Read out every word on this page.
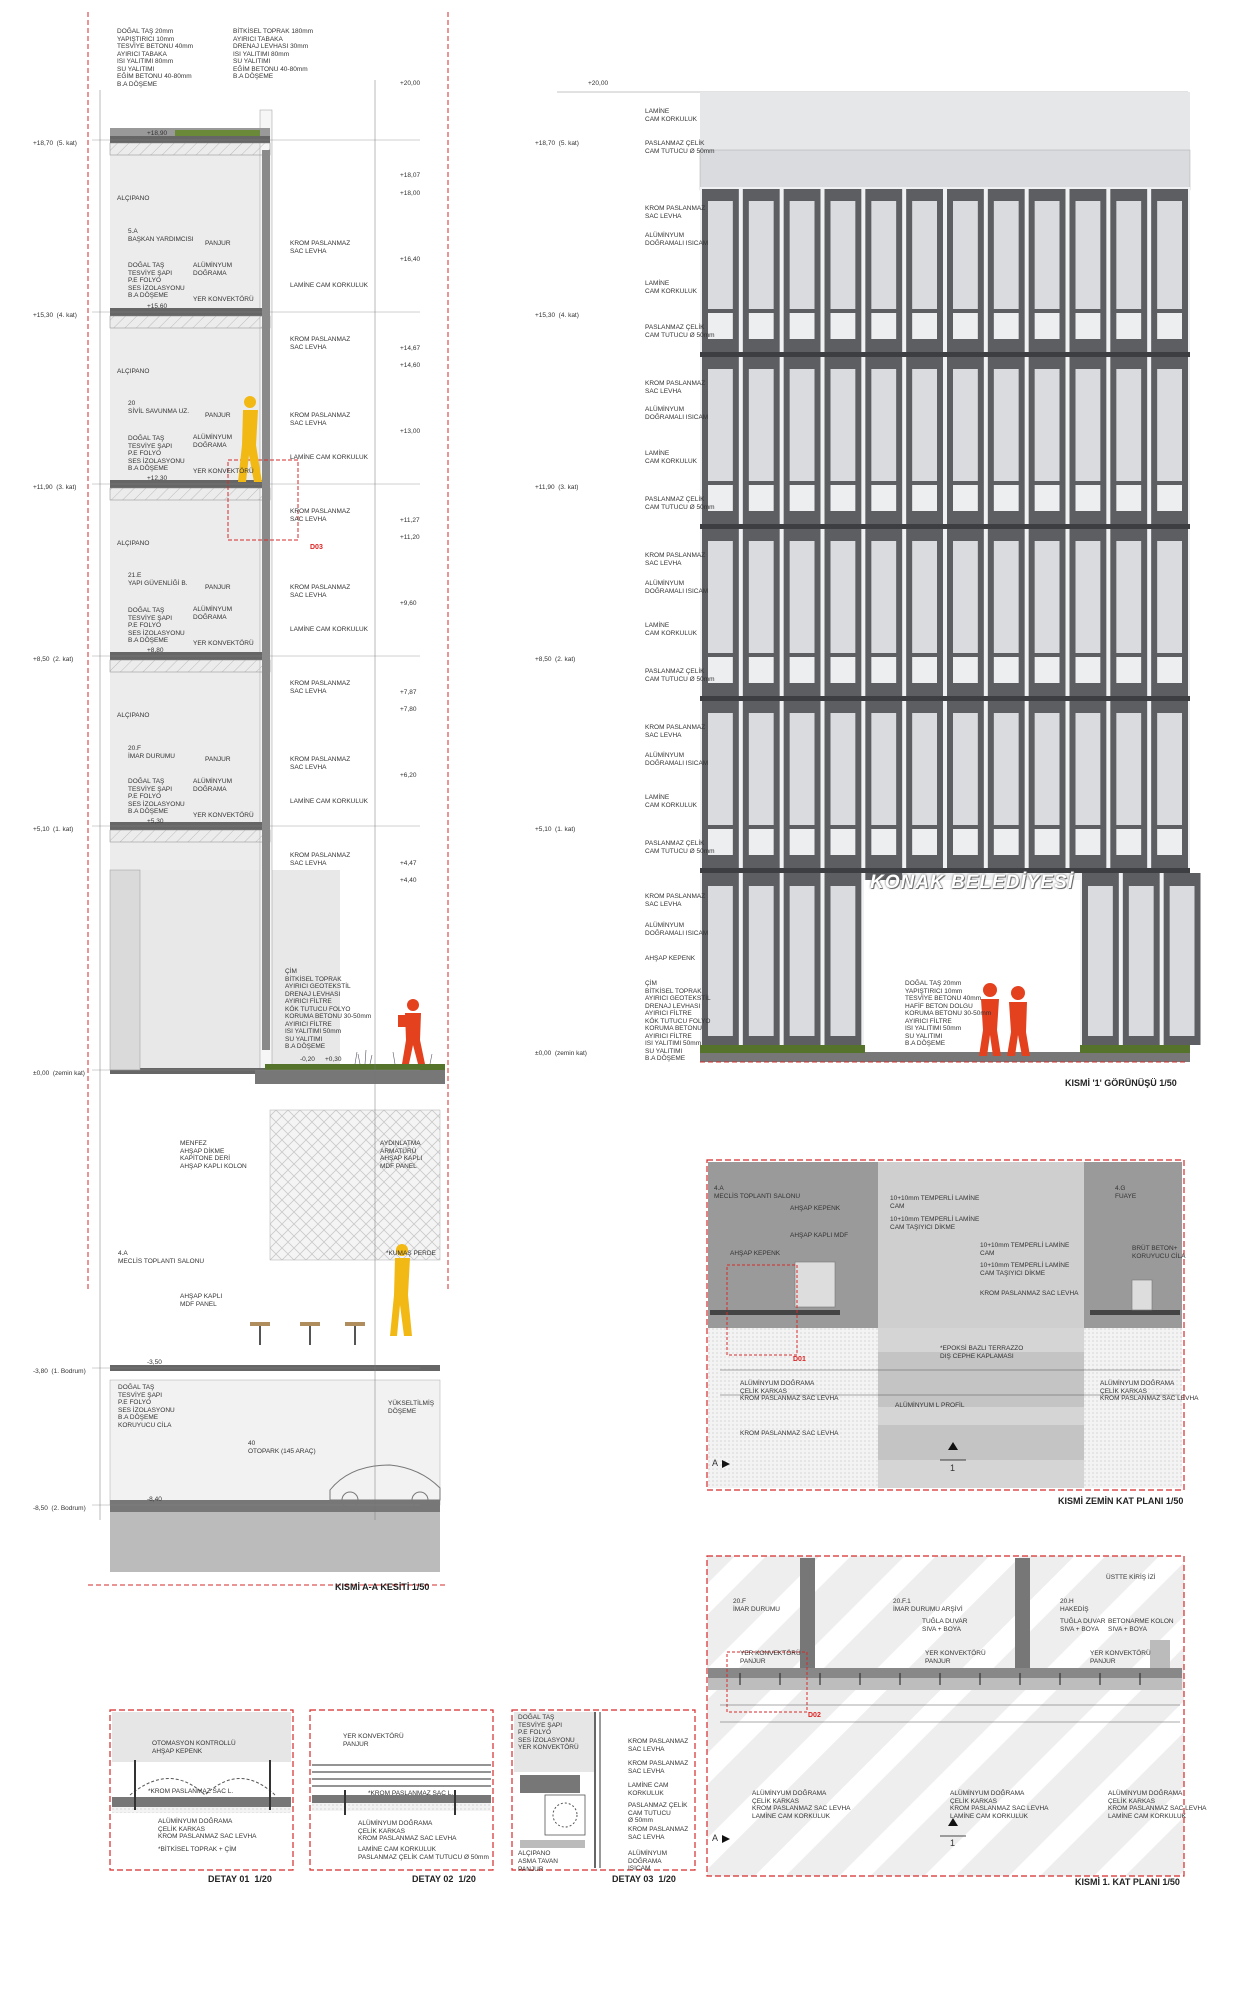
DOĞAL TAŞ 20mm
YAPIŞTIRICI 10mm
TESVİYE BETONU 40mm
AYIRICI TABAKA
ISI YALITIMI 80mm
SU YALITIMI
EĞİM BETONU 40-80mm
B.A DÖŞEME
BİTKİSEL TOPRAK 180mm
AYIRICI TABAKA
DRENAJ LEVHASI 30mm
ISI YALITIMI 80mm
SU YALITIMI
EĞİM BETONU 40-80mm
B.A DÖŞEME
+18,70  (5. kat)
+15,30  (4. kat)
+11,90  (3. kat)
+8,50  (2. kat)
+5,10  (1. kat)
±0,00  (zemin kat)
-3,80  (1. Bodrum)
-8,50  (2. Bodrum)
+20,00
+18,07
+18,00
+16,40
+14,67
+14,60
+13,00
+11,27
+11,20
+9,60
+7,87
+7,80
+6,20
+4,47
+4,40
-0,20 +0,30
+18,90
+15,60
+12,30
+8,80
+5,30
-3,50
-8,40
ALÇIPANO
5.A
BAŞKAN YARDIMCISI
ALÇIPANO
20
SİVİL SAVUNMA UZ.
ALÇIPANO
21.E
YAPI GÜVENLİĞİ B.
ALÇIPANO
20.F
İMAR DURUMU
4.A
MECLİS TOPLANTI SALONU
40
OTOPARK (145 ARAÇ)
DOĞAL TAŞ
TESVİYE ŞAPI
P.E FOLYO
SES İZOLASYONU
B.A DÖŞEME
DOĞAL TAŞ
TESVİYE ŞAPI
P.E FOLYO
SES İZOLASYONU
B.A DÖŞEME
DOĞAL TAŞ
TESVİYE ŞAPI
P.E FOLYO
SES İZOLASYONU
B.A DÖŞEME
DOĞAL TAŞ
TESVİYE ŞAPI
P.E FOLYO
SES İZOLASYONU
B.A DÖŞEME
PANJUR
ALÜMİNYUM
DOĞRAMA
YER KONVEKTÖRÜ
KROM PASLANMAZ
SAC LEVHA
LAMİNE CAM KORKULUK
KROM PASLANMAZ
SAC LEVHA
PANJUR
ALÜMİNYUM
DOĞRAMA
YER KONVEKTÖRÜ
KROM PASLANMAZ
SAC LEVHA
LAMİNE CAM KORKULUK
KROM PASLANMAZ
SAC LEVHA
D03
PANJUR
ALÜMİNYUM
DOĞRAMA
YER KONVEKTÖRÜ
KROM PASLANMAZ
SAC LEVHA
LAMİNE CAM KORKULUK
KROM PASLANMAZ
SAC LEVHA
PANJUR
ALÜMİNYUM
DOĞRAMA
YER KONVEKTÖRÜ
KROM PASLANMAZ
SAC LEVHA
LAMİNE CAM KORKULUK
KROM PASLANMAZ
SAC LEVHA
ÇİM
BİTKİSEL TOPRAK
AYIRICI GEOTEKSTİL
DRENAJ LEVHASI
AYIRICI FİLTRE
KÖK TUTUCU FOLYO
KORUMA BETONU 30-50mm
AYIRICI FİLTRE
ISI YALITIMI 50mm
SU YALITIMI
B.A DÖŞEME
MENFEZ
AHŞAP DİKME
KAPİTONE DERİ
AHŞAP KAPLI KOLON
AHŞAP KAPLI
MDF PANEL
AYDINLATMA
ARMATÜRÜ
AHŞAP KAPLI
MDF PANEL
*KUMAŞ PERDE
DOĞAL TAŞ
TESVİYE ŞAPI
P.E FOLYO
SES İZOLASYONU
B.A DÖŞEME
KORUYUCU CİLA
YÜKSELTİLMİŞ
DÖŞEME
KISMİ A-A KESİTİ 1/50
+20,00
+18,70  (5. kat)
+15,30  (4. kat)
+11,90  (3. kat)
+8,50  (2. kat)
+5,10  (1. kat)
±0,00  (zemin kat)
LAMİNE
CAM KORKULUK
PASLANMAZ ÇELİK
CAM TUTUCU Ø 50mm
KROM PASLANMAZ
SAC LEVHA
ALÜMİNYUM
DOĞRAMALI ISICAM
LAMİNE
CAM KORKULUK
PASLANMAZ ÇELİK
CAM TUTUCU Ø 50mm
KROM PASLANMAZ
SAC LEVHA
ALÜMİNYUM
DOĞRAMALI ISICAM
LAMİNE
CAM KORKULUK
PASLANMAZ ÇELİK
CAM TUTUCU Ø 50mm
KROM PASLANMAZ
SAC LEVHA
ALÜMİNYUM
DOĞRAMALI ISICAM
LAMİNE
CAM KORKULUK
PASLANMAZ ÇELİK
CAM TUTUCU Ø 50mm
KROM PASLANMAZ
SAC LEVHA
ALÜMİNYUM
DOĞRAMALI ISICAM
LAMİNE
CAM KORKULUK
PASLANMAZ ÇELİK
CAM TUTUCU Ø 50mm
KROM PASLANMAZ
SAC LEVHA
ALÜMİNYUM
DOĞRAMALI ISICAM
AHŞAP KEPENK
ÇİM
BİTKİSEL TOPRAK
AYIRICI GEOTEKSTİL
DRENAJ LEVHASI
AYIRICI FİLTRE
KÖK TUTUCU FOLYO
KORUMA BETONU
AYIRICI FİLTRE
ISI YALITIMI 50mm
SU YALITIMI
B.A DÖŞEME
DOĞAL TAŞ 20mm
YAPIŞTIRICI 10mm
TESVİYE BETONU 40mm
HAFİF BETON DOLGU
KORUMA BETONU 30-50mm
AYIRICI FİLTRE
ISI YALITIMI 50mm
SU YALITIMI
B.A DÖŞEME
KONAK BELEDİYESİ
KISMİ '1' GÖRÜNÜŞÜ 1/50
4.A
MECLİS TOPLANTI SALONU
4.G
FUAYE
AHŞAP KEPENK
AHŞAP KAPLI MDF
AHŞAP KEPENK
10+10mm TEMPERLİ LAMİNE
CAM
10+10mm TEMPERLİ LAMİNE
CAM TAŞIYICI DİKME
10+10mm TEMPERLİ LAMİNE
CAM
10+10mm TEMPERLİ LAMİNE
CAM TAŞIYICI DİKME
KROM PASLANMAZ SAC LEVHA
BRÜT BETON+
KORUYUCU CİLA
*EPOKSİ BAZLI TERRAZZO
DIŞ CEPHE KAPLAMASI
ALÜMİNYUM DOĞRAMA
ÇELİK KARKAS
KROM PASLANMAZ SAC LEVHA
ALÜMİNYUM L PROFİL
ALÜMİNYUM DOĞRAMA
ÇELİK KARKAS
KROM PASLANMAZ SAC LEVHA
KROM PASLANMAZ SAC LEVHA
D01
A	1
KISMİ ZEMİN KAT PLANI 1/50
20.F
İMAR DURUMU
20.F.1
İMAR DURUMU ARŞİVİ
20.H
HAKEDİŞ
ÜSTTE KİRİŞ İZİ
TUĞLA DUVAR
SIVA + BOYA
TUĞLA DUVAR
SIVA + BOYA
BETONARME KOLON
SIVA + BOYA
YER KONVEKTÖRÜ
PANJUR
YER KONVEKTÖRÜ
PANJUR
YER KONVEKTÖRÜ
PANJUR
ALÜMİNYUM DOĞRAMA
ÇELİK KARKAS
KROM PASLANMAZ SAC LEVHA
LAMİNE CAM KORKULUK
ALÜMİNYUM DOĞRAMA
ÇELİK KARKAS
KROM PASLANMAZ SAC LEVHA
LAMİNE CAM KORKULUK
ALÜMİNYUM DOĞRAMA
ÇELİK KARKAS
KROM PASLANMAZ SAC LEVHA
LAMİNE CAM KORKULUK
D02
A	1
KISMİ 1. KAT PLANI 1/50
OTOMASYON KONTROLLÜ
AHŞAP KEPENK
*KROM PASLANMAZ SAC L.
ALÜMİNYUM DOĞRAMA
ÇELİK KARKAS
KROM PASLANMAZ SAC LEVHA
*BİTKİSEL TOPRAK + ÇİM
DETAY 01 1/20
YER KONVEKTÖRÜ
PANJUR
*KROM PASLANMAZ SAC L.
ALÜMİNYUM DOĞRAMA
ÇELİK KARKAS
KROM PASLANMAZ SAC LEVHA
LAMİNE CAM KORKULUK
PASLANMAZ ÇELİK CAM TUTUCU Ø 50mm
DETAY 02 1/20
DOĞAL TAŞ
TESVİYE ŞAPI
P.E FOLYO
SES İZOLASYONU
YER KONVEKTÖRÜ
KROM PASLANMAZ
SAC LEVHA
KROM PASLANMAZ
SAC LEVHA
LAMİNE CAM
KORKULUK
PASLANMAZ ÇELİK
CAM TUTUCU
Ø 50mm
KROM PASLANMAZ
SAC LEVHA
ALÇIPANO
ASMA TAVAN
PANJUR
ALÜMİNYUM
DOĞRAMA
ISICAM
DETAY 03 1/20
